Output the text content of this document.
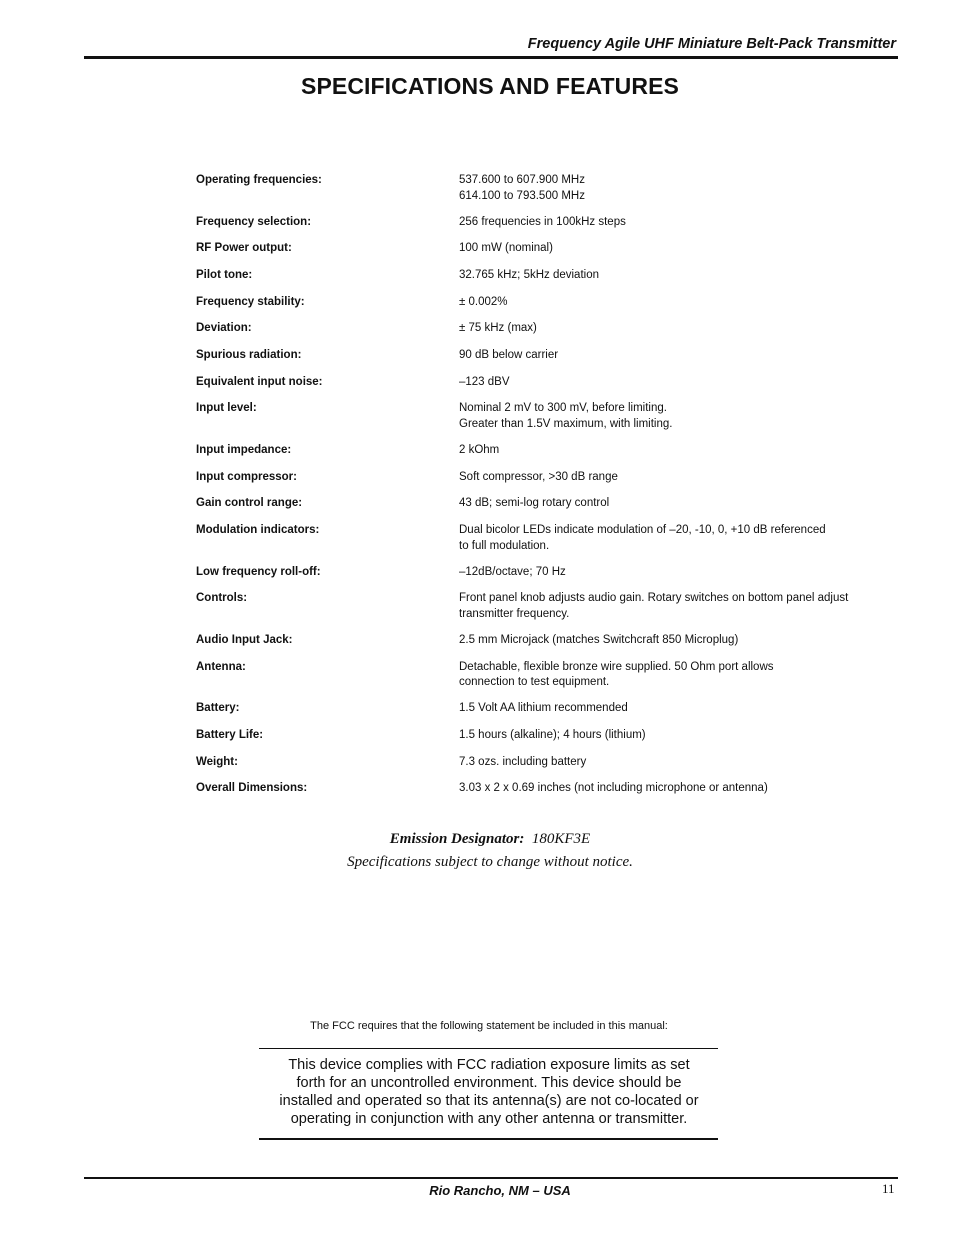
Frequency Agile UHF Miniature Belt-Pack Transmitter
SPECIFICATIONS AND FEATURES
Operating frequencies:	537.600 to 607.900 MHz
614.100 to 793.500 MHz
Frequency selection:	256 frequencies in 100kHz steps
RF Power output:	100 mW (nominal)
Pilot tone:	32.765 kHz; 5kHz deviation
Frequency stability:	± 0.002%
Deviation:	± 75 kHz (max)
Spurious radiation:	90 dB below carrier
Equivalent input noise:	–123 dBV
Input level:	Nominal 2 mV to 300 mV, before limiting.
Greater than 1.5V maximum, with limiting.
Input impedance:	2 kOhm
Input compressor:	Soft compressor, >30 dB range
Gain control range:	43 dB; semi-log rotary control
Modulation indicators:	Dual bicolor LEDs indicate modulation of –20, -10, 0, +10 dB referenced
to full modulation.
Low frequency roll-off:	–12dB/octave; 70 Hz
Controls:	Front panel knob adjusts audio gain. Rotary switches on bottom panel adjust
transmitter frequency.
Audio Input Jack:	2.5 mm Microjack (matches Switchcraft 850 Microplug)
Antenna:	Detachable, flexible bronze wire supplied. 50 Ohm port allows
connection to test equipment.
Battery:	1.5 Volt AA lithium recommended
Battery Life:	1.5 hours (alkaline); 4 hours (lithium)
Weight:	7.3 ozs. including battery
Overall Dimensions:	3.03 x 2 x 0.69 inches (not including microphone or antenna)
Emission Designator: 180KF3E
Specifications subject to change without notice.
The FCC requires that the following statement be included in this manual:
This device complies with FCC radiation exposure limits as set
forth for an uncontrolled environment. This device should be
installed and operated so that its antenna(s) are not co-located or
operating in conjunction with any other antenna or transmitter.
Rio Rancho, NM – USA	11
